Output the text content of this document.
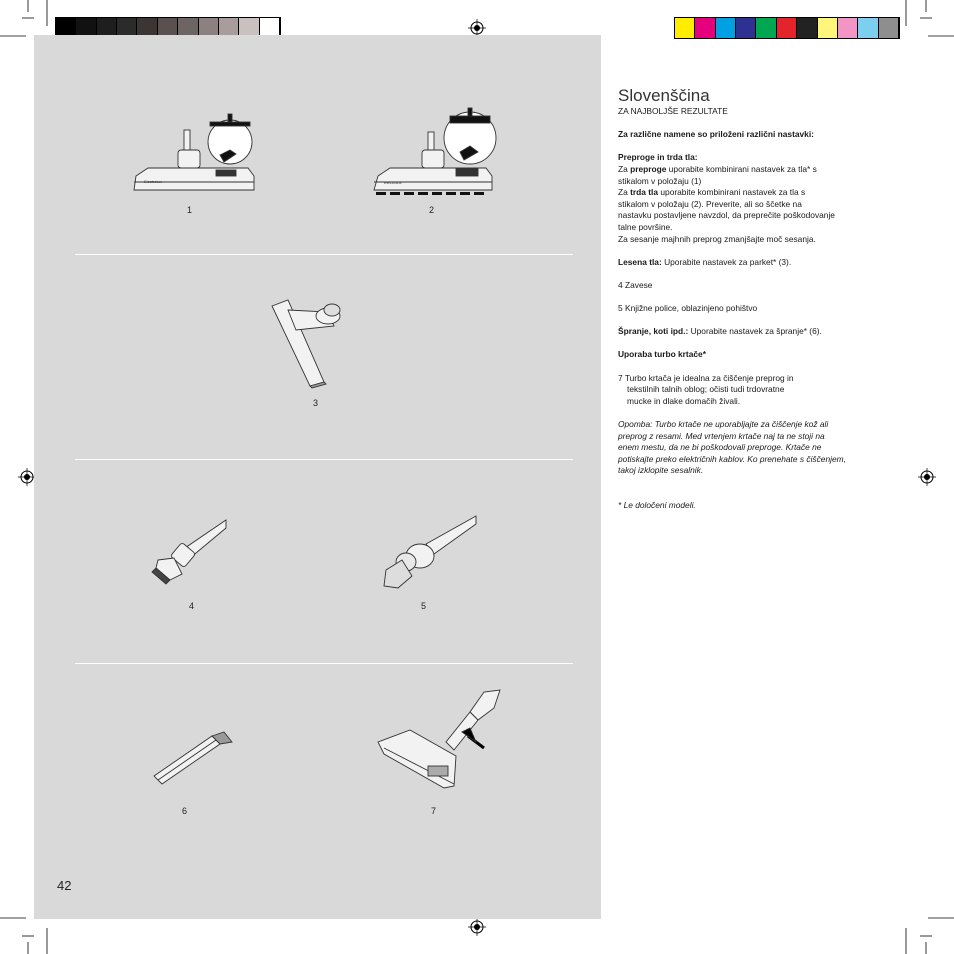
Electrolux
1
Electrolux
2
3
4	5
6	7
42

Slovenščina

ZA NAJBOLJŠE REZULTATE

Za različne namene so priloženi različni nastavki:

Preproge in trda tla:

Za preproge uporabite kombinirani nastavek za tla* s

stikalom v položaju (1)

Za trda tla uporabite kombinirani nastavek za tla s

stikalom v položaju (2). Preverite, ali so ščetke na

nastavku postavljene navzdol, da preprečite poškodovanje

talne površine.

Za sesanje majhnih preprog zmanjšajte moč sesanja.

Lesena tla: Uporabite nastavek za parket* (3).

4 Zavese

5 Knjižne police, oblazinjeno pohištvo

Špranje, koti ipd.: Uporabite nastavek za špranje* (6).

Uporaba turbo krtače*

7 Turbo krtača je idealna za čiščenje preprog in

tekstilnih talnih oblog; očisti tudi trdovratne

mucke in dlake domačih živali.

Opomba: Turbo krtače ne uporabljajte za čiščenje kož ali

preprog z resami. Med vrtenjem krtače naj ta ne stoji na

enem mestu, da ne bi poškodovali preproge. Krtače ne

potiskajte preko električnih kablov. Ko prenehate s čiščenjem,

takoj izklopite sesalnik.

* Le določeni modeli.
